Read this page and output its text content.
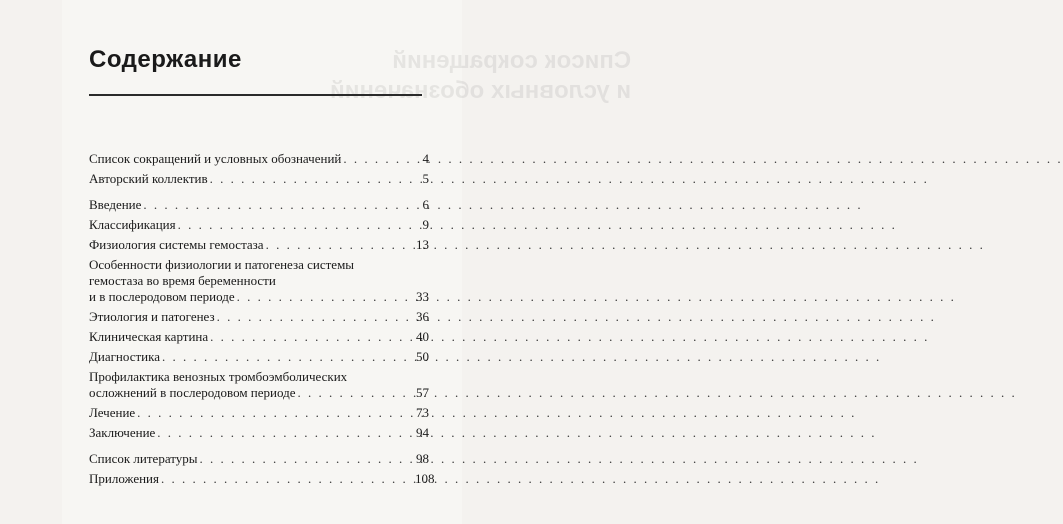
Список сокращений
и условных обозначений
Содержание
Список сокращений и условных обозначений . . .	4
Авторский коллектив . . .	5
Введение . . .	6
Классификация . . .	9
Физиология системы гемостаза . . .	13
Особенности физиологии и патогенеза системы
гемостаза во время беременности
и в послеродовом периоде . . .	33
Этиология и патогенез . . .	36
Клиническая картина . . .	40
Диагностика . . .	50
Профилактика венозных тромбоэмболических
осложнений в послеродовом периоде . . .	57
Лечение . . .	73
Заключение . . .	94
Список литературы . . .	98
Приложения . . .	108
